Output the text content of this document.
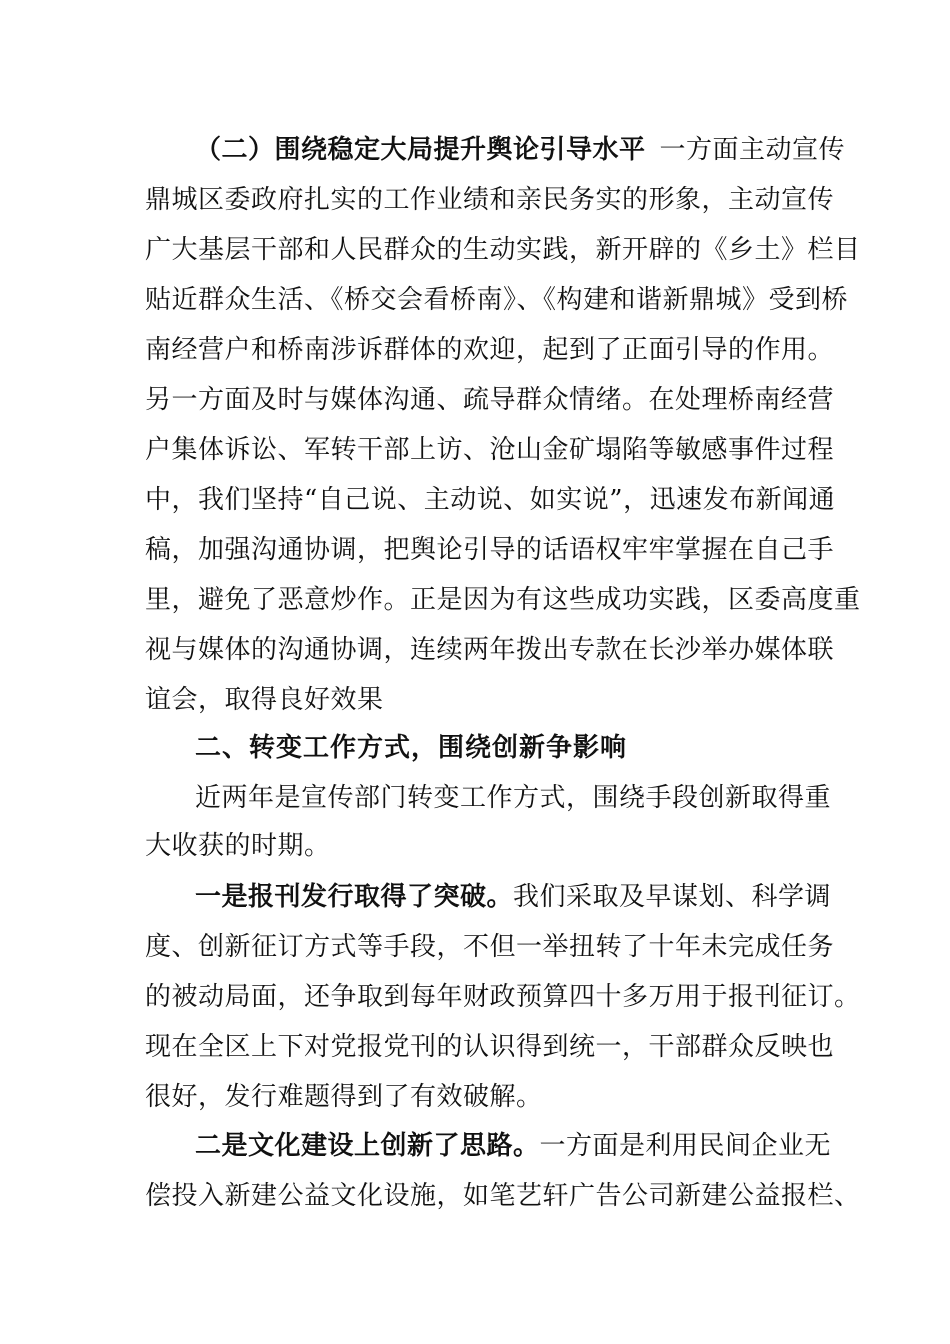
（二）围绕稳定大局提升舆论引导水平 一方面主动宣传
鼎城区委政府扎实的工作业绩和亲民务实的形象，主动宣传
广大基层干部和人民群众的生动实践，新开辟的《乡土》栏目
贴近群众生活、《桥交会看桥南》、《构建和谐新鼎城》受到桥
南经营户和桥南涉诉群体的欢迎，起到了正面引导的作用。
另一方面及时与媒体沟通、疏导群众情绪。在处理桥南经营
户集体诉讼、军转干部上访、沧山金矿塌陷等敏感事件过程
中，我们坚持“自己说、主动说、如实说”，迅速发布新闻通
稿，加强沟通协调，把舆论引导的话语权牢牢掌握在自己手
里，避免了恶意炒作。正是因为有这些成功实践，区委高度重
视与媒体的沟通协调，连续两年拨出专款在长沙举办媒体联
谊会，取得良好效果
二、转变工作方式，围绕创新争影响
近两年是宣传部门转变工作方式，围绕手段创新取得重
大收获的时期。
一是报刊发行取得了突破。我们采取及早谋划、科学调
度、创新征订方式等手段，不但一举扭转了十年未完成任务
的被动局面，还争取到每年财政预算四十多万用于报刊征订。
现在全区上下对党报党刊的认识得到统一，干部群众反映也
很好，发行难题得到了有效破解。
二是文化建设上创新了思路。一方面是利用民间企业无
偿投入新建公益文化设施，如笔艺轩广告公司新建公益报栏、
